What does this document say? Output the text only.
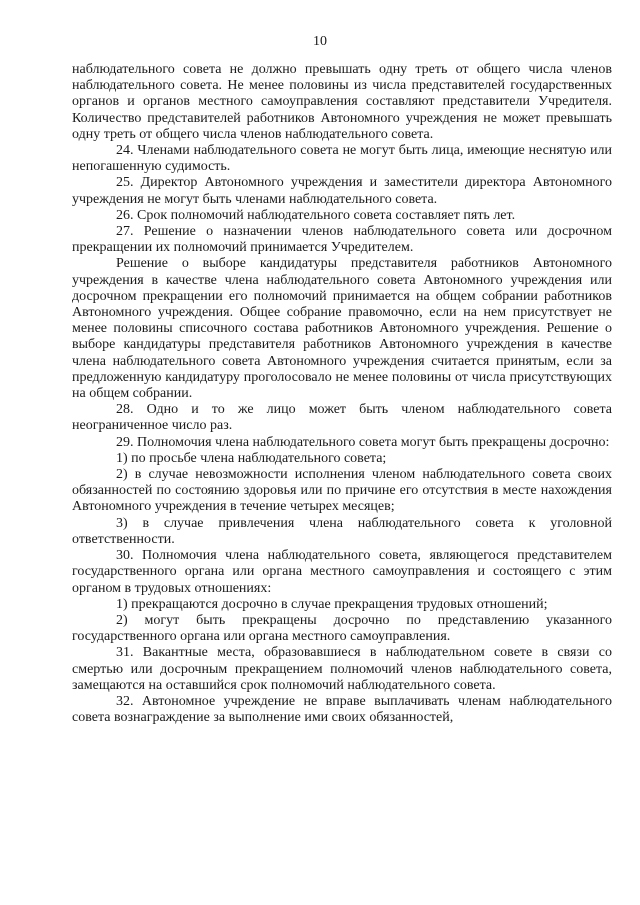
10

наблюдательного совета не должно превышать одну треть от общего числа членов наблюдательного совета. Не менее половины из числа представителей государственных органов и органов местного самоуправления составляют представители Учредителя. Количество представителей работников Автономного учреждения не может превышать одну треть от общего числа членов наблюдательного совета.

24. Членами наблюдательного совета не могут быть лица, имеющие неснятую или непогашенную судимость.

25. Директор Автономного учреждения и заместители директора Автономного учреждения не могут быть членами наблюдательного совета.

26. Срок полномочий наблюдательного совета составляет пять лет.

27. Решение о назначении членов наблюдательного совета или досрочном прекращении их полномочий принимается Учредителем.

Решение о выборе кандидатуры представителя работников Автономного учреждения в качестве члена наблюдательного совета Автономного учреждения или досрочном прекращении его полномочий принимается на общем собрании работников Автономного учреждения. Общее собрание правомочно, если на нем присутствует не менее половины списочного состава работников Автономного учреждения. Решение о выборе кандидатуры представителя работников Автономного учреждения в качестве члена наблюдательного совета Автономного учреждения считается принятым, если за предложенную кандидатуру проголосовало не менее половины от числа присутствующих на общем собрании.

28. Одно и то же лицо может быть членом наблюдательного совета неограниченное число раз.

29. Полномочия члена наблюдательного совета могут быть прекращены досрочно:

1) по просьбе члена наблюдательного совета;

2) в случае невозможности исполнения членом наблюдательного совета своих обязанностей по состоянию здоровья или по причине его отсутствия в месте нахождения Автономного учреждения в течение четырех месяцев;

3) в случае привлечения члена наблюдательного совета к уголовной ответственности.

30. Полномочия члена наблюдательного совета, являющегося представителем государственного органа или органа местного самоуправления и состоящего с этим органом в трудовых отношениях:

1) прекращаются досрочно в случае прекращения трудовых отношений;

2) могут быть прекращены досрочно по представлению указанного государственного органа или органа местного самоуправления.

31. Вакантные места, образовавшиеся в наблюдательном совете в связи со смертью или досрочным прекращением полномочий членов наблюдательного совета, замещаются на оставшийся срок полномочий наблюдательного совета.

32. Автономное учреждение не вправе выплачивать членам наблюдательного совета вознаграждение за выполнение ими своих обязанностей,
